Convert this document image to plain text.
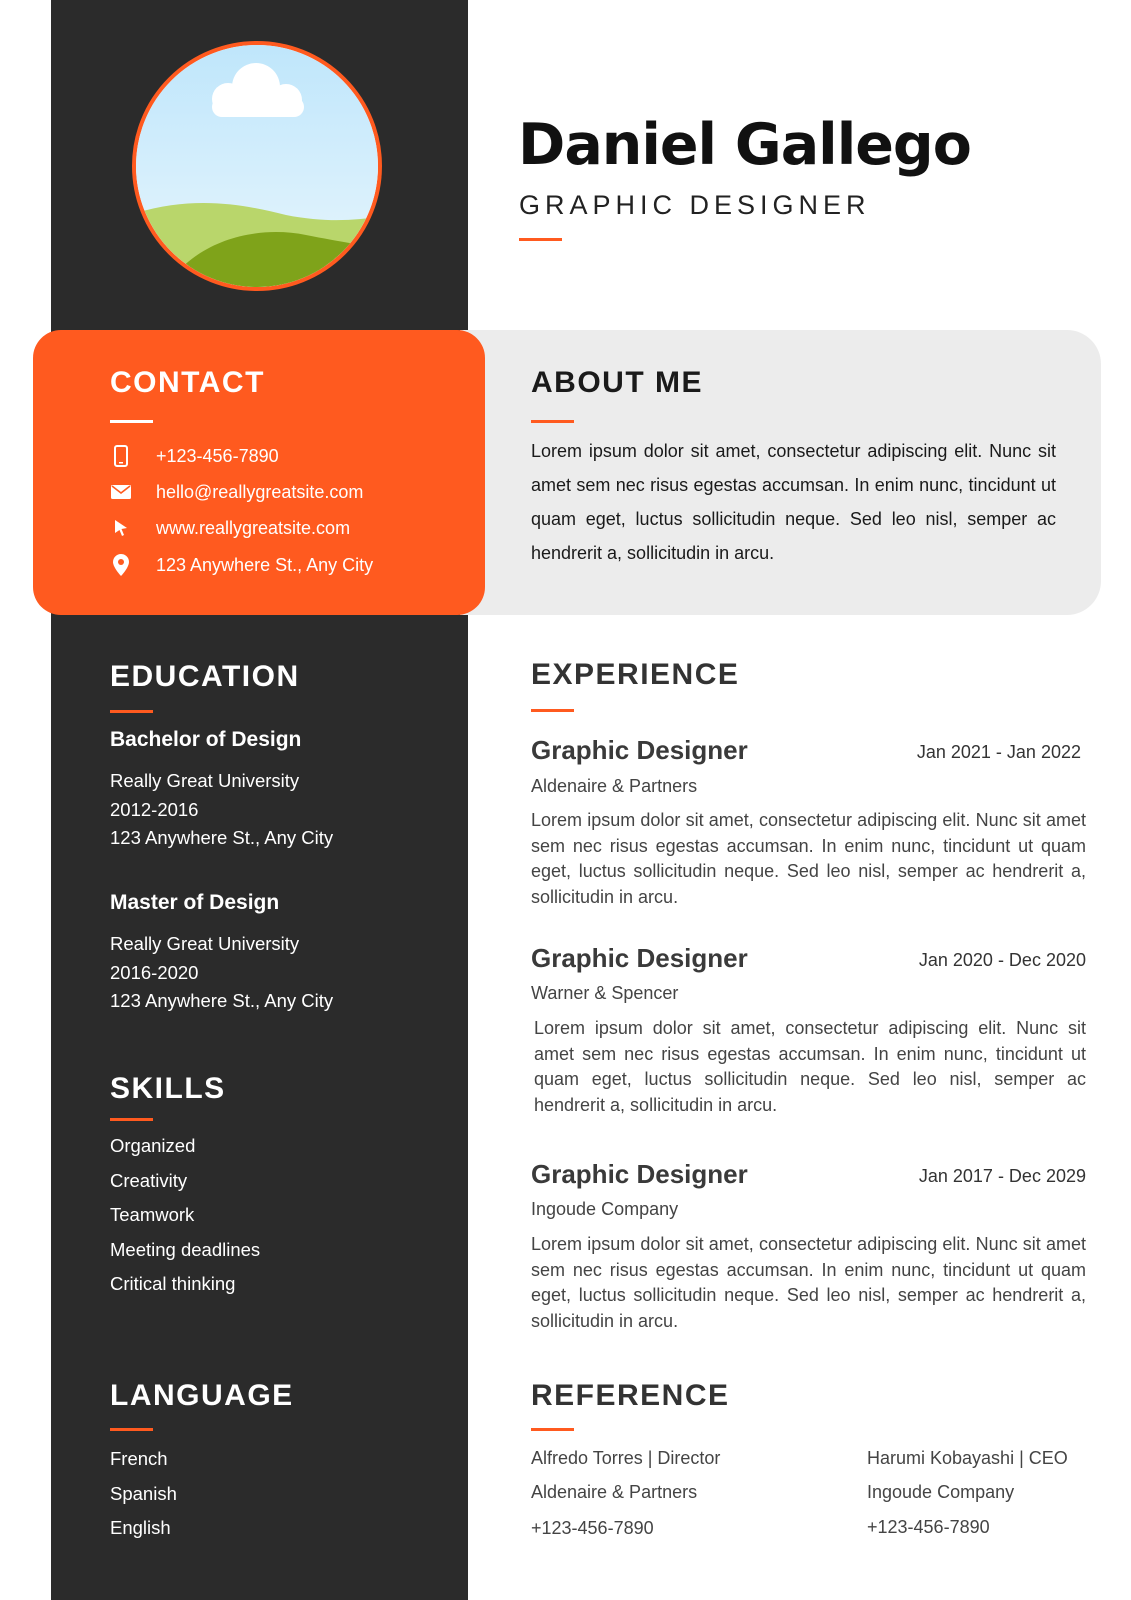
Daniel Gallego

GRAPHIC DESIGNER

CONTACT
+123-456-7890
hello@reallygreatsite.com
www.reallygreatsite.com
123 Anywhere St., Any City
ABOUT ME

Lorem ipsum dolor sit amet, consectetur adipiscing elit. Nunc sit amet sem nec risus egestas accumsan. In enim nunc, tincidunt ut quam eget, luctus sollicitudin neque. Sed leo nisl, semper ac hendrerit a, sollicitudin in arcu.

EDUCATION

Bachelor of Design

Really Great University

2012-2016

123 Anywhere St., Any City

Master of Design

Really Great University

2016-2020

123 Anywhere St., Any City

SKILLS
Organized
Creativity
Teamwork
Meeting deadlines
Critical thinking
LANGUAGE
French
Spanish
English
EXPERIENCE

Graphic Designer	Jan 2021 - Jan 2022

Aldenaire & Partners

Lorem ipsum dolor sit amet, consectetur adipiscing elit. Nunc sit amet sem nec risus egestas accumsan. In enim nunc, tincidunt ut quam eget, luctus sollicitudin neque. Sed leo nisl, semper ac hendrerit a, sollicitudin in arcu.

Graphic Designer	Jan 2020 - Dec 2020

Warner & Spencer

Lorem ipsum dolor sit amet, consectetur adipiscing elit. Nunc sit amet sem nec risus egestas accumsan. In enim nunc, tincidunt ut quam eget, luctus sollicitudin neque. Sed leo nisl, semper ac hendrerit a, sollicitudin in arcu.

Graphic Designer	Jan 2017 - Dec 2029

Ingoude Company

Lorem ipsum dolor sit amet, consectetur adipiscing elit. Nunc sit amet sem nec risus egestas accumsan. In enim nunc, tincidunt ut quam eget, luctus sollicitudin neque. Sed leo nisl, semper ac hendrerit a, sollicitudin in arcu.

REFERENCE

Alfredo Torres | Director

Aldenaire & Partners

+123-456-7890

Harumi Kobayashi | CEO

Ingoude Company

+123-456-7890
